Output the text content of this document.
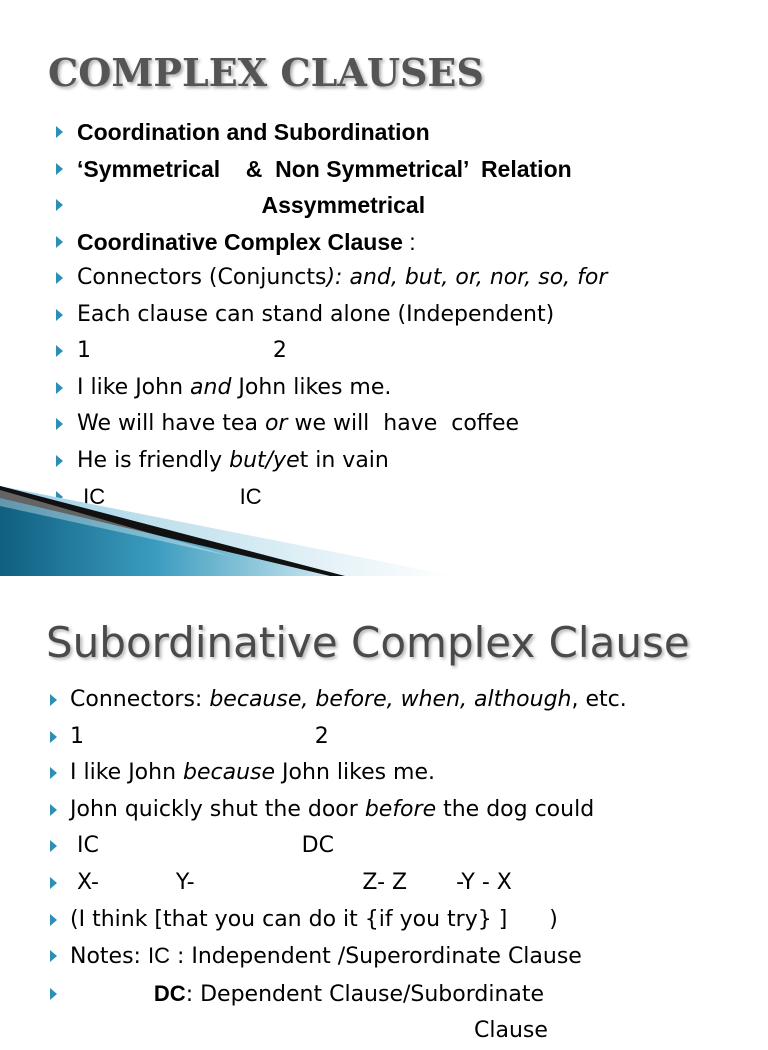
COMPLEX CLAUSES
Coordination and Subordination
‘Symmetrical    &  Non Symmetrical’  Relation
Assymmetrical
Coordinative Complex Clause :
Connectors (Conjuncts): and, but, or, nor, so, for
Each clause can stand alone (Independent)
1                          2
I like John and John likes me.
We will have tea or we will  have  coffee
He is friendly but/yet in vain
IC                      IC
Subordinative Complex Clause
Connectors: because, before, when, although, etc.
1                                 2
I like John because John likes me.
John quickly shut the door before the dog could
IC                             DC
X-           Y-                        Z- Z       -Y - X
(I think [that you can do it {if you try} ]      )
Notes: IC : Independent /Superordinate Clause
DC: Dependent Clause/Subordinate
Clause
